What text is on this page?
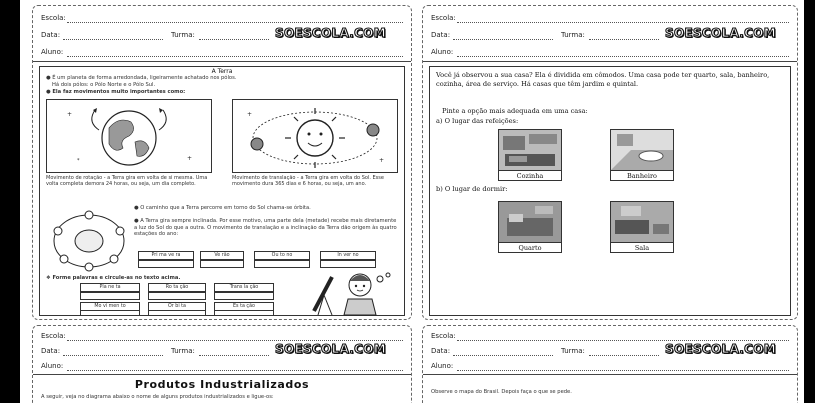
Escola:
Data:	Turma:	SOESCOLA.COM
Aluno:
A Terra
● É um planeta de forma arredondada, ligeiramente achatado nos pólos.
Há dois pólos: o Pólo Norte e o Pólo Sul.
● Ela faz movimentos muito importantes como:
+
+
*
+
+
Movimento de rotação - a Terra gira em volta de si mesma. Uma volta completa demora 24 horas, ou seja, um dia completo.
Movimento de translação - a Terra gira em volta do Sol. Esse movimento dura 365 dias e 6 horas, ou seja, um ano.
● O caminho que a Terra percorre em torno do Sol chama-se órbita.
● A Terra gira sempre inclinada. Por esse motivo, uma parte dela (metade) recebe mais diretamente a luz do Sol do que a outra. O movimento de translação e a inclinação da Terra dão origem às quatro estações do ano:
Pri ma ve ra	Ve rão	Ou to no	In ver no
❖ Forme palavras e circule-as no texto acima.
Pla ne ta	Ro ta ção	Trans la ção
Mo vi men to	Ór bi ta	Es ta ção
Escola:
Data:	Turma:	SOESCOLA.COM
Aluno:
Você já observou a sua casa? Ela é dividida em cômodos. Uma casa pode ter quarto, sala, banheiro, cozinha, área de serviço. Há casas que têm jardim e quintal.
Pinte a opção mais adequada em uma casa:
a) O lugar das refeições:
Cozinha	Banheiro
b) O lugar de dormir:
Quarto	Sala
Escola:
Data:	Turma:	SOESCOLA.COM
Aluno:
Produtos Industrializados
A seguir, veja no diagrama abaixo o nome de alguns produtos industrializados e ligue-os:
Escola:
Data:	Turma:	SOESCOLA.COM
Aluno:
Observe o mapa do Brasil. Depois faça o que se pede.
